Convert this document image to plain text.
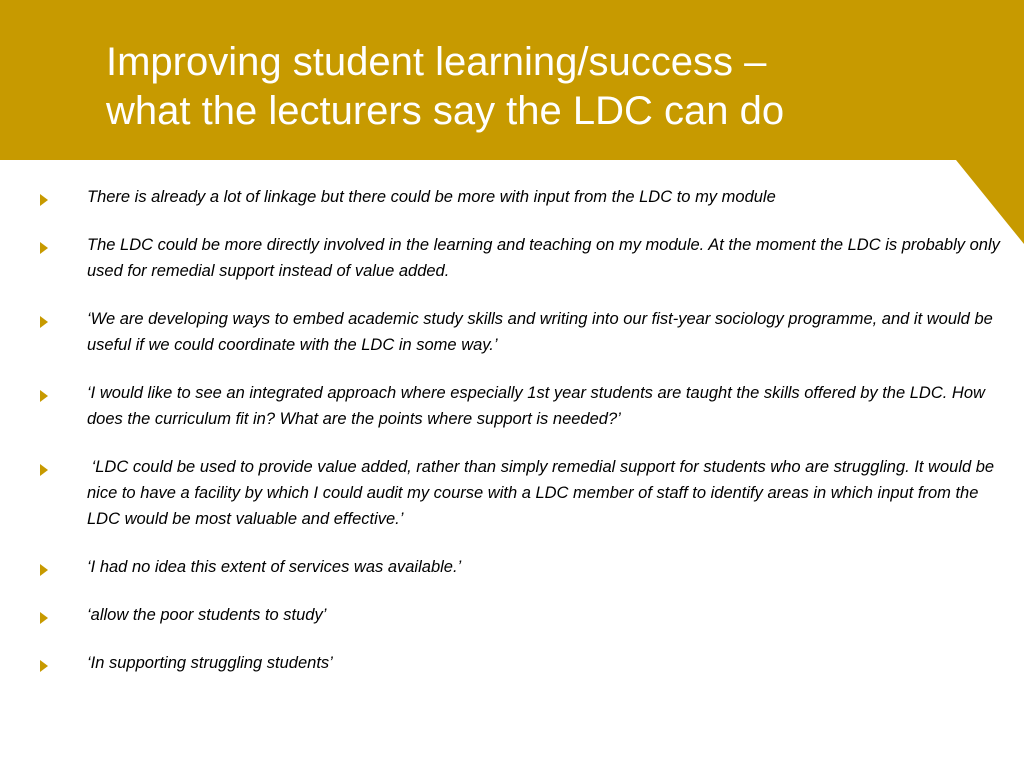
Improving student learning/success –
what the lecturers say the LDC can do
There is already a lot of linkage but there could be more with input from the LDC to my module
The LDC could be more directly involved in the learning and teaching on my module. At the moment the LDC is probably only used for remedial support instead of value added.
‘We are developing ways to embed academic study skills and writing into our fist-year sociology programme, and it would be useful if we could coordinate with the LDC in some way.’
‘I would like to see an integrated approach where especially 1st year students are taught the skills offered by the LDC. How does the curriculum fit in? What are the points where support is needed?’
‘LDC could be used to provide value added, rather than simply remedial support for students who are struggling. It would be nice to have a facility by which I could audit my course with a LDC member of staff to identify areas in which input from the LDC would be most valuable and effective.’
‘I had no idea this extent of services was available.’
‘allow the poor students to study’
‘In supporting struggling students’
